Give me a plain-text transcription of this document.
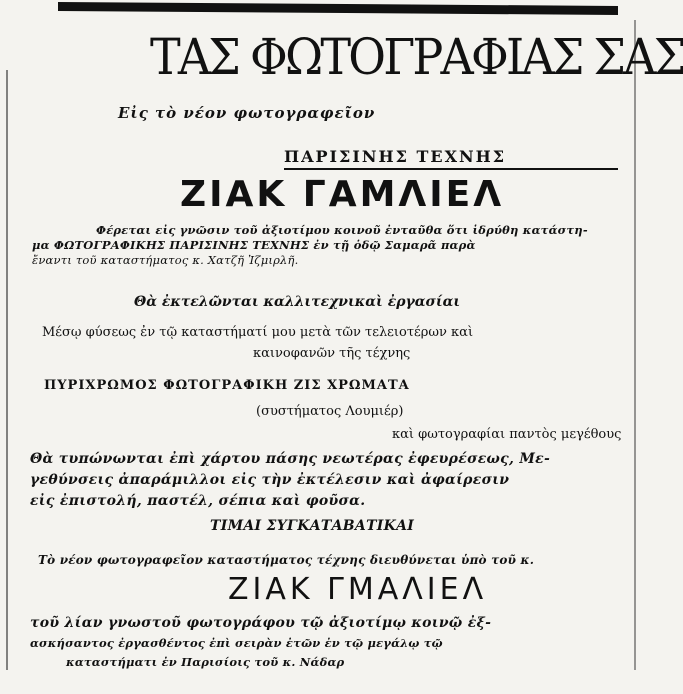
ΤΑΣ ΦΩΤΟΓΡΑΦΙΑΣ ΣΑΣ
Εἰς τὸ νέον φωτογραφεῖον
ΠΑΡΙΣΙΝΗΣ ΤΕΧΝΗΣ
ΖΙΑΚ ΓΑΜΛΙΕΛ
Φέρεται εἰς γνῶσιν τοῦ ἀξιοτίμου κοινοῦ ἐνταῦθα ὅτι ἱδρύθη κατάστη-
μα ΦΩΤΟΓΡΑΦΙΚΗΣ ΠΑΡΙΣΙΝΗΣ ΤΕΧΝΗΣ ἐν τῇ ὁδῷ Σαμαρᾶ παρὰ
ἔναντι τοῦ καταστήματος κ. Χατζῆ Ἰζμιρλῆ.
Θὰ ἐκτελῶνται καλλιτεχνικαὶ ἐργασίαι
Μέσῳ φύσεως ἐν τῷ καταστήματί μου μετὰ τῶν τελειοτέρων καὶ
καινοφανῶν τῆς τέχνης
ΠΥΡΙΧΡΩΜΟΣ ΦΩΤΟΓΡΑΦΙΚΗ ΖΙΣ ΧΡΩΜΑΤΑ
(συστήματος Λουμιέρ)
καὶ φωτογραφίαι παντὸς μεγέθους
Θὰ τυπώνωνται ἐπὶ χάρτου πάσης νεωτέρας ἐφευρέσεως, Με-
γεθύνσεις ἀπαράμιλλοι εἰς τὴν ἐκτέλεσιν καὶ ἀφαίρεσιν
εἰς ἐπιστολή, παστέλ, σέπια καὶ φοῦσα.
ΤΙΜΑΙ ΣΥΓΚΑΤΑΒΑΤΙΚΑΙ
Τὸ νέον φωτογραφεῖον καταστήματος τέχνης διευθύνεται ὑπὸ τοῦ κ.
ΖΙΑΚ ΓΜΑΛΙΕΛ
τοῦ λίαν γνωστοῦ φωτογράφου τῷ ἀξιοτίμῳ κοινῷ ἐξ-
ασκήσαντος ἐργασθέντος ἐπὶ σειρὰν ἐτῶν ἐν τῷ μεγάλῳ τῷ
καταστήματι ἐν Παρισίοις τοῦ κ. Νάδαρ
